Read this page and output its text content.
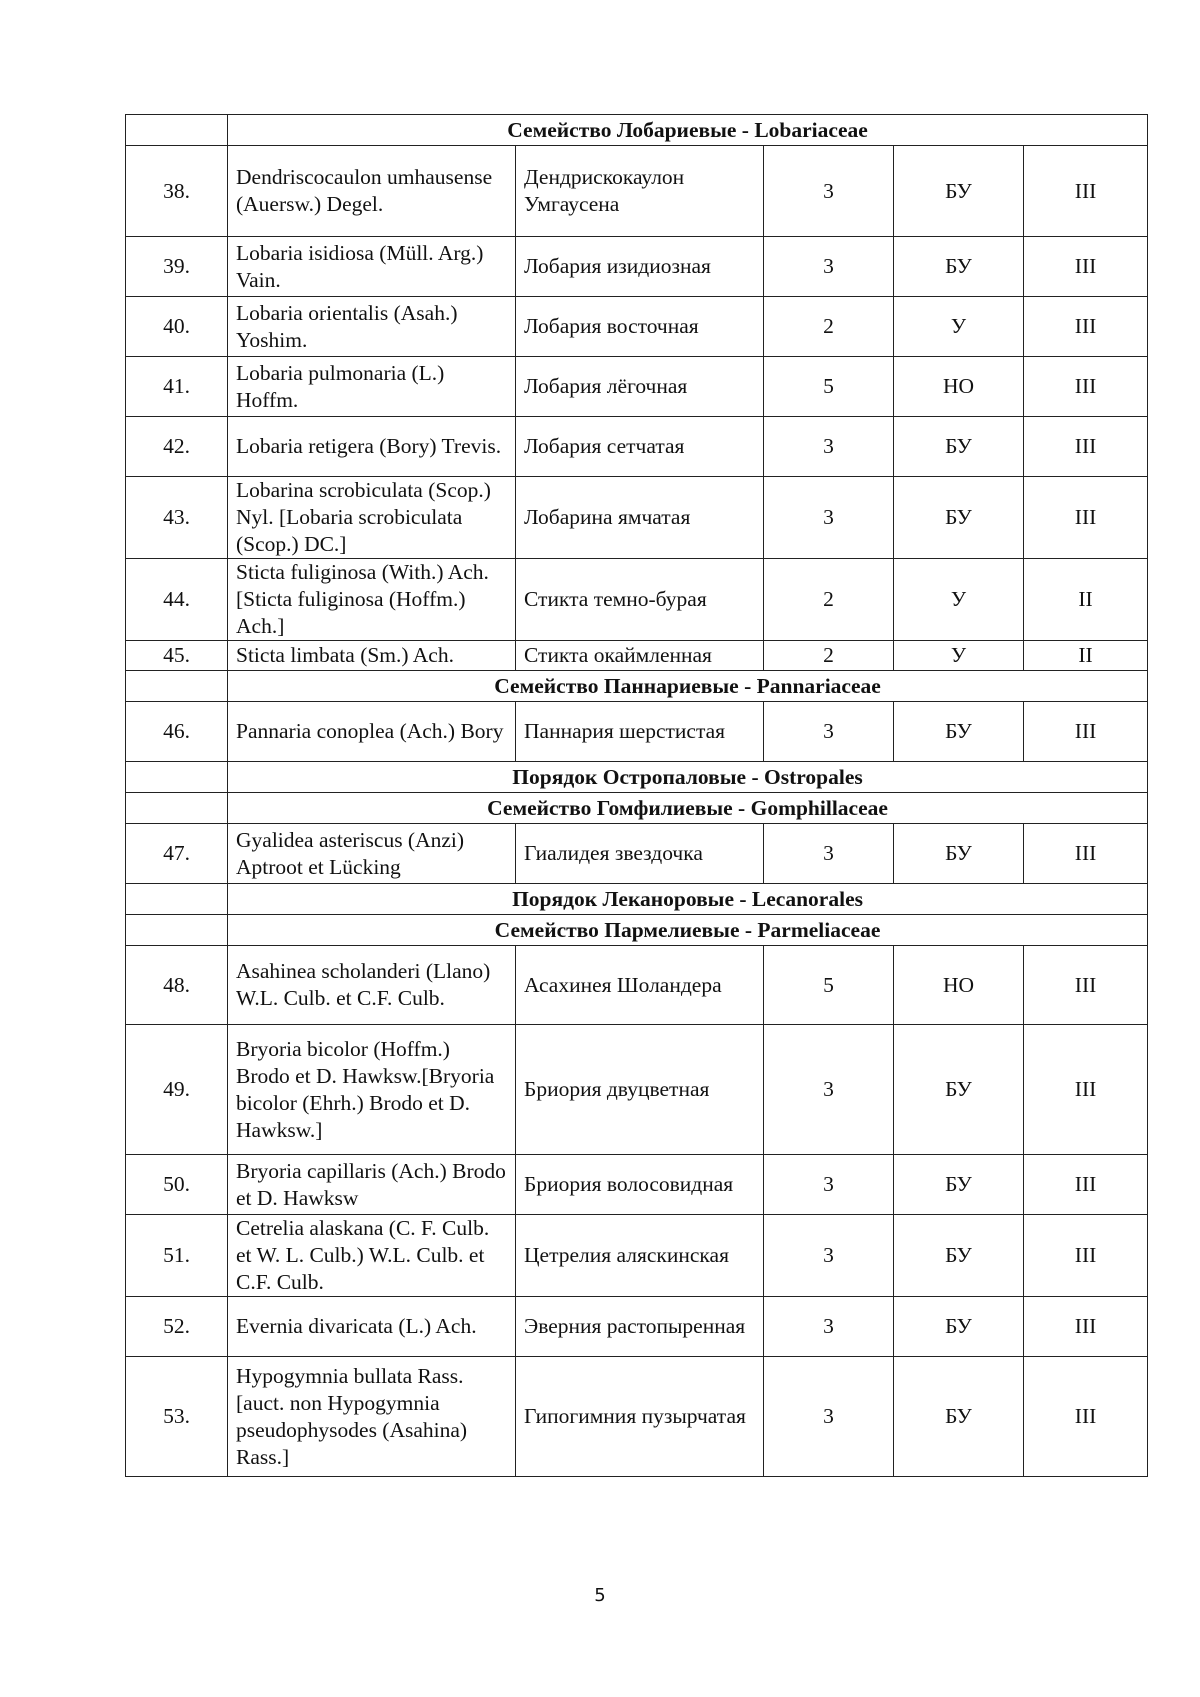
	Семейство Лобариевые - Lobariaceae				
38.	Dendriscocaulon umhausense (Auersw.) Degel.	Дендрискокаулон Умгаусена	3	БУ	III
39.	Lobaria isidiosa (Müll. Arg.) Vain.	Лобария изидиозная	3	БУ	III
40.	Lobaria orientalis (Asah.) Yoshim.	Лобария восточная	2	У	III
41.	Lobaria pulmonaria (L.) Hoffm.	Лобария лёгочная	5	НО	III
42.	Lobaria retigera (Bory) Trevis.	Лобария сетчатая	3	БУ	III
43.	Lobarina scrobiculata (Scop.) Nyl. [Lobaria scrobiculata (Scop.) DC.]	Лобарина ямчатая	3	БУ	III
44.	Sticta fuliginosa (With.) Ach. [Sticta fuliginosa (Hoffm.) Ach.]	Стикта темно-бурая	2	У	II
45.	Sticta limbata (Sm.) Ach.	Стикта окаймленная	2	У	II
	Семейство Паннариевые - Pannariaceae				
46.	Pannaria conoplea (Ach.) Bory	Паннария шерстистая	3	БУ	III
	Порядок Остропаловые - Ostropales				
	Семейство Гомфилиевые - Gomphillaceae				
47.	Gyalidea asteriscus (Anzi) Aptroot et Lücking	Гиалидея звездочка	3	БУ	III
	Порядок Леканоровые - Lecanorales				
	Семейство Пармелиевые - Parmeliaceae				
48.	Asahinea scholanderi (Llano) W.L. Culb. et C.F. Culb.	Асахинея Шоландера	5	НО	III
49.	Bryoria bicolor (Hoffm.) Brodo et D. Hawksw.[Bryoria bicolor (Ehrh.) Brodo et D. Hawksw.]	Бриория двуцветная	3	БУ	III
50.	Bryoria capillaris (Ach.) Brodo et D. Hawksw	Бриория волосовидная	3	БУ	III
51.	Cetrelia alaskana (C. F. Culb. et W. L. Culb.) W.L. Culb. et C.F. Culb.	Цетрелия аляскинская	3	БУ	III
52.	Evernia divaricata (L.) Ach.	Эверния растопыренная	3	БУ	III
53.	Hypogymnia bullata Rass. [auct. non Hypogymnia pseudophysodes (Asahina) Rass.]	Гипогимния пузырчатая	3	БУ	III
5
